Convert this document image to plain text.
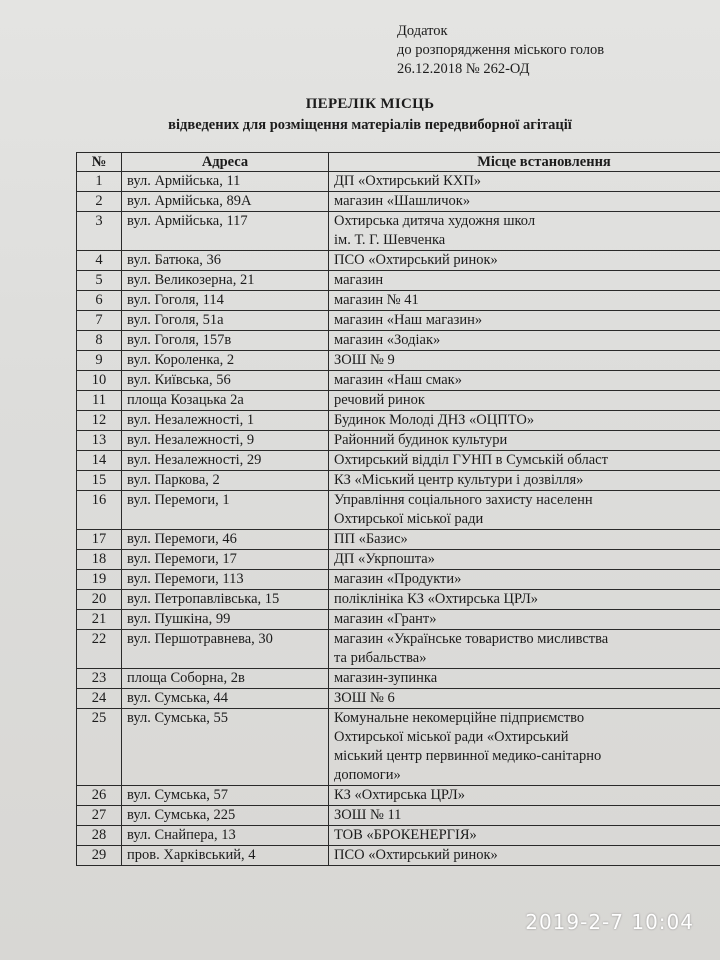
Додаток
до розпорядження міського голов
26.12.2018 № 262-ОД
ПЕРЕЛІК МІСЦЬ
відведених для розміщення матеріалів передвиборної агітації
№	Адреса	Місце встановлення
1	вул. Армійська, 11	ДП «Охтирський КХП»

2	вул. Армійська, 89А	магазин «Шашличок»

3	вул. Армійська, 117	Охтирська дитяча художня школ
ім. Т. Г. Шевченка

4	вул. Батюка, 36	ПСО «Охтирський ринок»

5	вул. Великозерна, 21	магазин

6	вул. Гоголя, 114	магазин № 41

7	вул. Гоголя, 51а	магазин «Наш магазин»

8	вул. Гоголя, 157в	магазин «Зодіак»

9	вул. Короленка, 2	ЗОШ № 9

10	вул. Київська, 56	магазин «Наш смак»

11	площа Козацька 2а	речовий ринок

12	вул. Незалежності, 1	Будинок Молоді ДНЗ «ОЦПТО»

13	вул. Незалежності, 9	Районний будинок культури

14	вул. Незалежності, 29	Охтирський відділ ГУНП в Сумській област

15	вул. Паркова, 2	КЗ «Міський центр культури і дозвілля»

16	вул. Перемоги, 1	Управління соціального захисту населенн
Охтирської міської ради

17	вул. Перемоги, 46	ПП «Базис»

18	вул. Перемоги, 17	ДП «Укрпошта»

19	вул. Перемоги, 113	магазин «Продукти»

20	вул. Петропавлівська, 15	поліклініка КЗ «Охтирська ЦРЛ»

21	вул. Пушкіна, 99	магазин «Грант»

22	вул. Першотравнева, 30	магазин «Українське товариство мисливства
та рибальства»

23	площа Соборна, 2в	магазин-зупинка

24	вул. Сумська, 44	ЗОШ № 6

25	вул. Сумська, 55	Комунальне некомерційне підприємство
Охтирської міської ради «Охтирський
міський центр первинної медико-санітарно
допомоги»

26	вул. Сумська, 57	КЗ «Охтирська ЦРЛ»

27	вул. Сумська, 225	ЗОШ № 11

28	вул. Снайпера, 13	ТОВ «БРОКЕНЕРГІЯ»

29	пров. Харківський, 4	ПСО «Охтирський ринок»
2019-2-7 10:04
